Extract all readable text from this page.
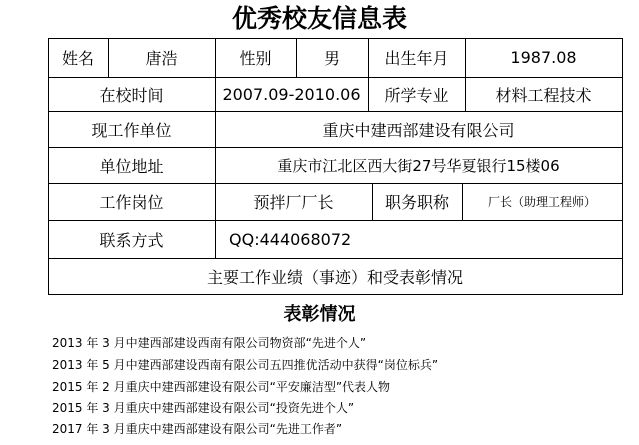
优秀校友信息表
姓名	唐浩	性别	男	出生年月	1987.08
在校时间	2007.09-2010.06	所学专业	材料工程技术
现工作单位	重庆中建西部建设有限公司
单位地址	重庆市江北区西大街27号华夏银行15楼06
工作岗位	预拌厂厂长	职务职称	厂长（助理工程师）
联系方式	QQ:444068072
主要工作业绩（事迹）和受表彰情况
表彰情况
2013 年 3 月中建西部建设西南有限公司物资部“先进个人”
2013 年 5 月中建西部建设西南有限公司五四推优活动中获得“岗位标兵”
2015 年 2 月重庆中建西部建设有限公司“平安廉洁型”代表人物
2015 年 3 月重庆中建西部建设有限公司“投资先进个人”
2017 年 3 月重庆中建西部建设有限公司“先进工作者”
